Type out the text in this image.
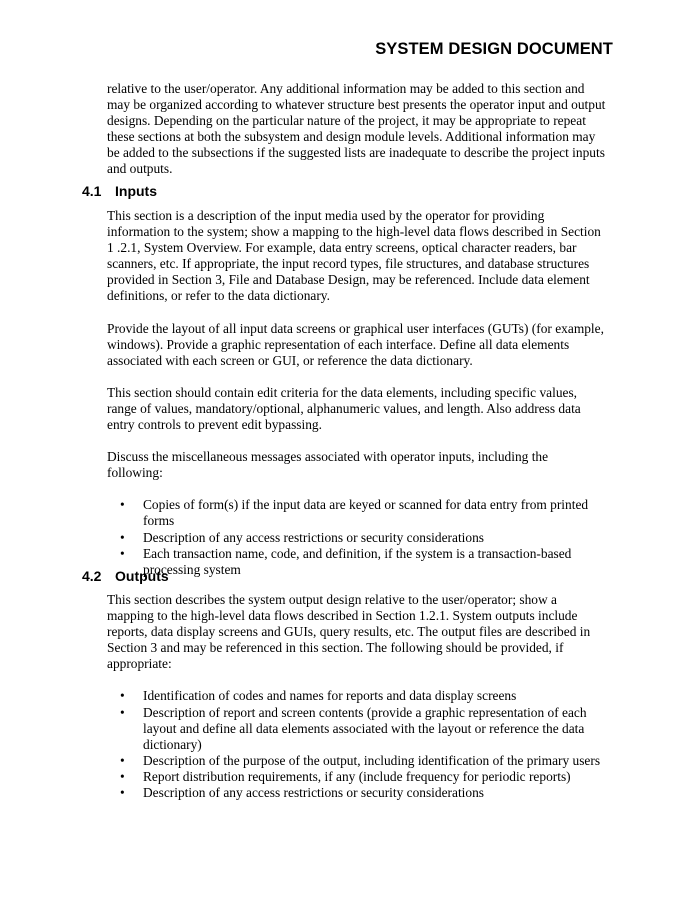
SYSTEM DESIGN DOCUMENT

relative to the user/operator. Any additional information may be added to this section and may be organized according to whatever structure best presents the operator input and output designs. Depending on the particular nature of the project, it may be appropriate to repeat these sections at both the subsystem and design module levels. Additional information may be added to the subsections if the suggested lists are inadequate to describe the project inputs and outputs.

4.1 Inputs

This section is a description of the input media used by the operator for providing information to the system; show a mapping to the high-level data flows described in Section 1 .2.1, System Overview. For example, data entry screens, optical character readers, bar scanners, etc. If appropriate, the input record types, file structures, and database structures provided in Section 3, File and Database Design, may be referenced. Include data element definitions, or refer to the data dictionary.

Provide the layout of all input data screens or graphical user interfaces (GUTs) (for example, windows). Provide a graphic representation of each interface. Define all data elements associated with each screen or GUI, or reference the data dictionary.

This section should contain edit criteria for the data elements, including specific values, range of values, mandatory/optional, alphanumeric values, and length. Also address data entry controls to prevent edit bypassing.

Discuss the miscellaneous messages associated with operator inputs, including the following:

• Copies of form(s) if the input data are keyed or scanned for data entry from printed forms
• Description of any access restrictions or security considerations
• Each transaction name, code, and definition, if the system is a transaction-based processing system
4.2 Outputs

This section describes the system output design relative to the user/operator; show a mapping to the high-level data flows described in Section 1.2.1. System outputs include reports, data display screens and GUIs, query results, etc. The output files are described in Section 3 and may be referenced in this section. The following should be provided, if appropriate:

• Identification of codes and names for reports and data display screens
• Description of report and screen contents (provide a graphic representation of each layout and define all data elements associated with the layout or reference the data dictionary)
• Description of the purpose of the output, including identification of the primary users
• Report distribution requirements, if any (include frequency for periodic reports)
• Description of any access restrictions or security considerations
